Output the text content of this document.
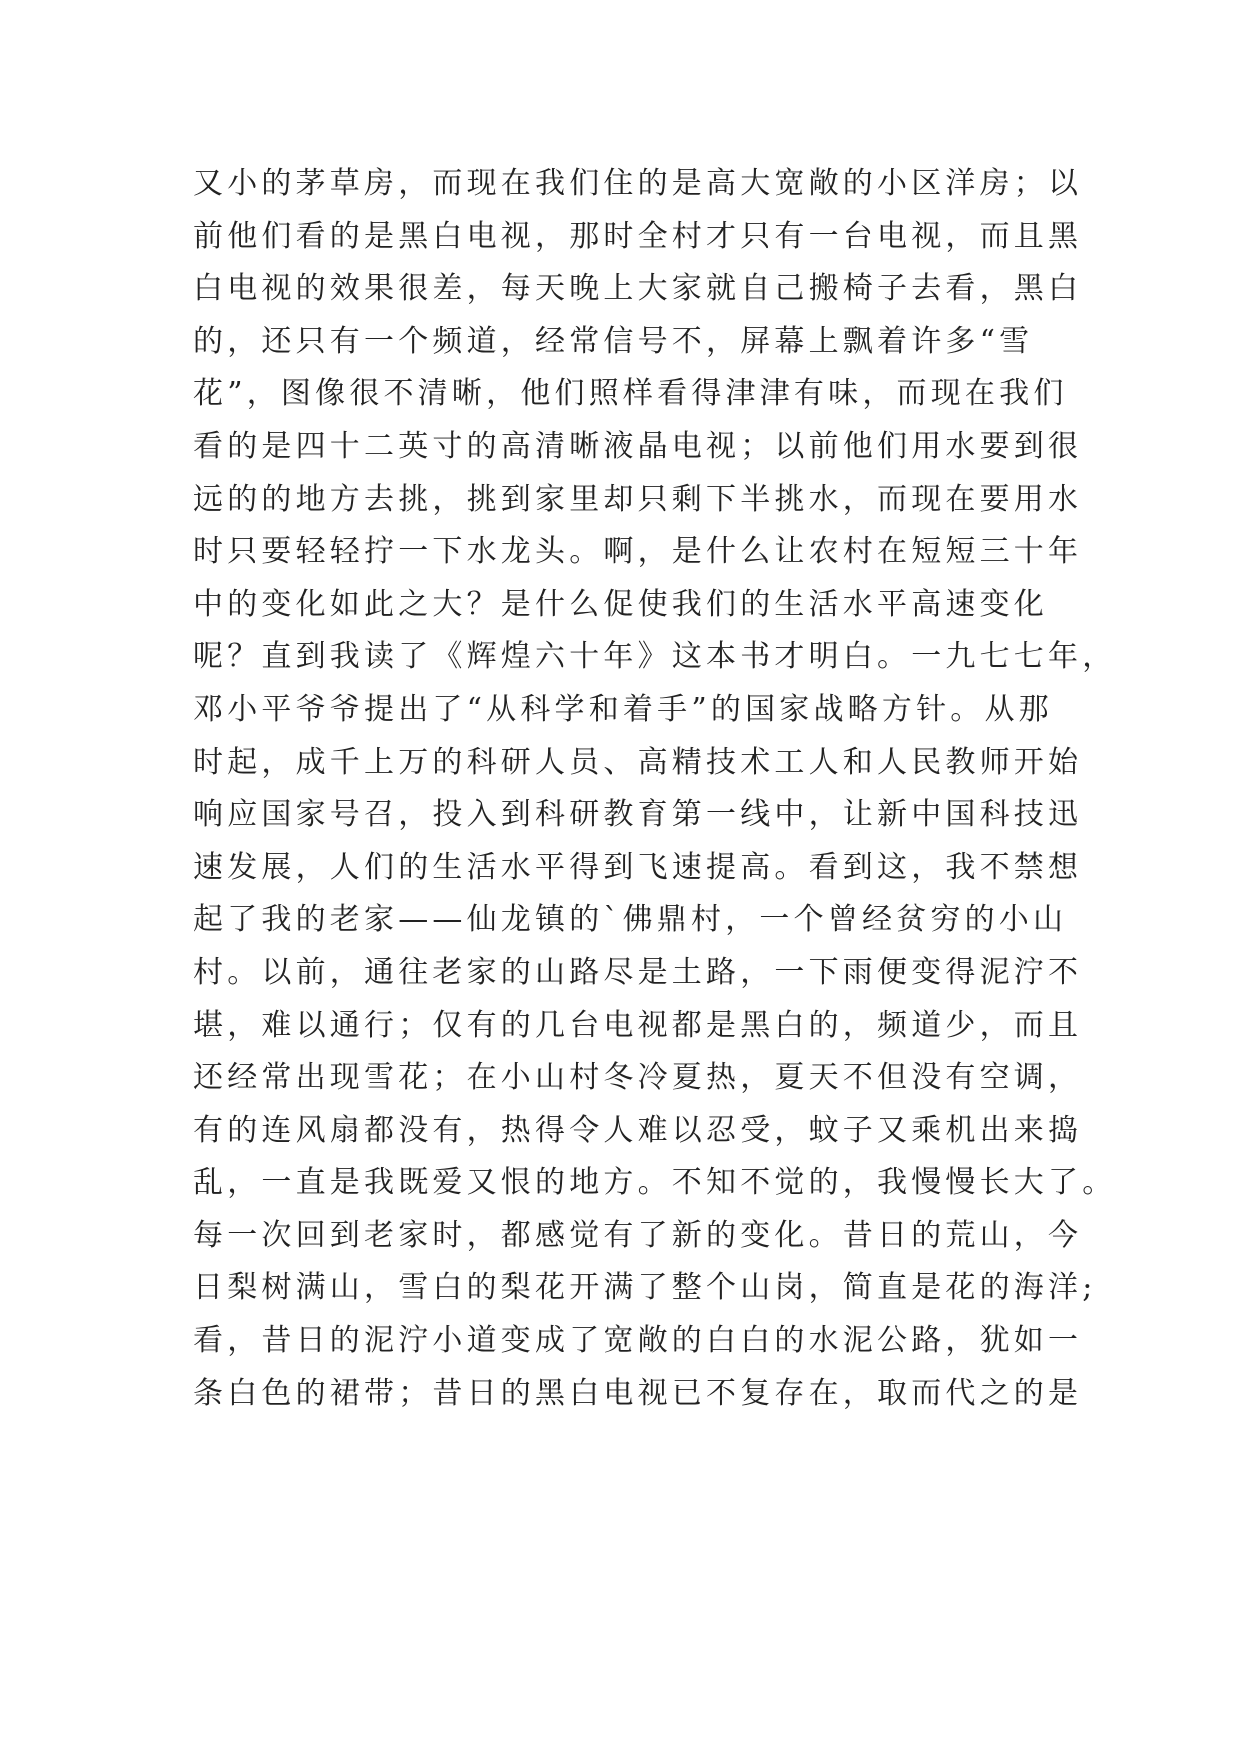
又小的茅草房，而现在我们住的是高大宽敞的小区洋房；以
前他们看的是黑白电视，那时全村才只有一台电视，而且黑
白电视的效果很差，每天晚上大家就自己搬椅子去看，黑白
的，还只有一个频道，经常信号不，屏幕上飘着许多“雪
花”，图像很不清晰，他们照样看得津津有味，而现在我们
看的是四十二英寸的高清晰液晶电视；以前他们用水要到很
远的的地方去挑，挑到家里却只剩下半挑水，而现在要用水
时只要轻轻拧一下水龙头。啊，是什么让农村在短短三十年
中的变化如此之大？是什么促使我们的生活水平高速变化
呢？直到我读了《辉煌六十年》这本书才明白。一九七七年，
邓小平爷爷提出了“从科学和着手”的国家战略方针。从那
时起，成千上万的科研人员、高精技术工人和人民教师开始
响应国家号召，投入到科研教育第一线中，让新中国科技迅
速发展，人们的生活水平得到飞速提高。看到这，我不禁想
起了我的老家——仙龙镇的`佛鼎村，一个曾经贫穷的小山
村。以前，通往老家的山路尽是土路，一下雨便变得泥泞不
堪，难以通行；仅有的几台电视都是黑白的，频道少，而且
还经常出现雪花；在小山村冬冷夏热，夏天不但没有空调，
有的连风扇都没有，热得令人难以忍受，蚊子又乘机出来捣
乱，一直是我既爱又恨的地方。不知不觉的，我慢慢长大了。
每一次回到老家时，都感觉有了新的变化。昔日的荒山，今
日梨树满山，雪白的梨花开满了整个山岗，简直是花的海洋;
看，昔日的泥泞小道变成了宽敞的白白的水泥公路，犹如一
条白色的裙带；昔日的黑白电视已不复存在，取而代之的是
